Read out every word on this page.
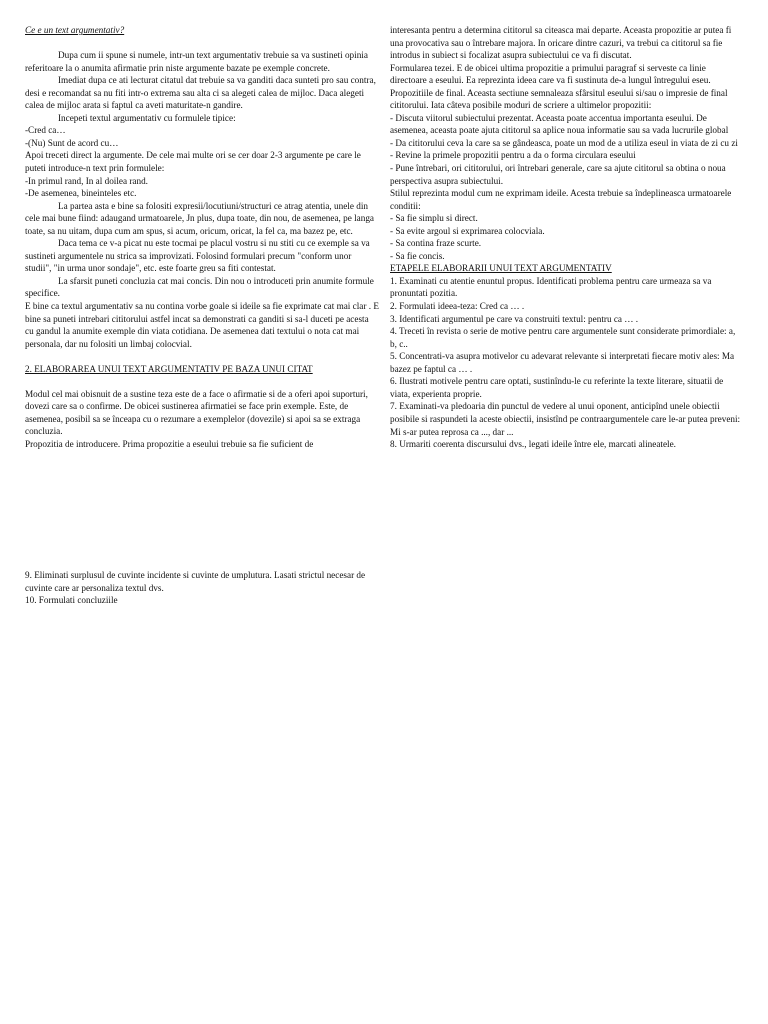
Ce e un text argumentativ?

Dupa cum ii spune si numele, intr-un text argumentativ trebuie sa va sustineti opinia referitoare la o anumita afirmatie prin niste argumente bazate pe exemple concrete.

Imediat dupa ce ati lecturat citatul dat trebuie sa va ganditi daca sunteti pro sau contra, desi e recomandat sa nu fiti intr-o extrema sau alta ci sa alegeti calea de mijloc. Daca alegeti calea de mijloc arata si faptul ca aveti maturitate-n gandire.

Incepeti textul argumentativ cu formulele tipice:

-Cred ca…

-(Nu) Sunt de acord cu…

Apoi treceti direct la argumente. De cele mai multe ori se cer doar 2-3 argumente pe care le puteti introduce-n text prin formulele:

-In primul rand, In al doilea rand.

-De asemenea, bineinteles etc.

La partea asta e bine sa folositi expresii/locutiuni/structuri ce atrag atentia, unele din cele mai bune fiind: adaugand urmatoarele, Jn plus, dupa toate, din nou, de asemenea, pe langa toate, sa nu uitam, dupa cum am spus, si acum, oricum, oricat, la fel ca, ma bazez pe, etc.

Daca tema ce v-a picat nu este tocmai pe placul vostru si nu stiti cu ce exemple sa va sustineti argumentele nu strica sa improvizati. Folosind formulari precum "conform unor studii", "in urma unor sondaje", etc. este foarte greu sa fiti contestat.

La sfarsit puneti concluzia cat mai concis. Din nou o introduceti prin anumite formule specifice.

E bine ca textul argumentativ sa nu contina vorbe goale si ideile sa fie exprimate cat mai clar . E bine sa puneti intrebari cititorului astfel incat sa demonstrati ca ganditi si sa-l duceti pe acesta cu gandul la anumite exemple din viata cotidiana. De asemenea dati textului o nota cat mai personala, dar nu folositi un limbaj colocvial.

2. ELABORAREA UNUI TEXT ARGUMENTATIV PE BAZA UNUI CITAT

Modul cel mai obisnuit de a sustine teza este de a face o afirmatie si de a oferi apoi suporturi, dovezi care sa o confirme. De obicei sustinerea afirmatiei se face prin exemple. Este, de asemenea, posibil sa se înceapa cu o rezumare a exemplelor (dovezile) si apoi sa se extraga concluzia.

Propozitia de introducere. Prima propozitie a eseului trebuie sa fie suficient de

interesanta pentru a determina cititorul sa citeasca mai departe. Aceasta propozitie ar putea fi una provocativa sau o întrebare majora. In oricare dintre cazuri, va trebui ca cititorul sa fie introdus in subiect si focalizat asupra subiectului ce va fi discutat.

Formularea tezei. E de obicei ultima propozitie a primului paragraf si serveste ca linie directoare a eseului. Ea reprezinta ideea care va fi sustinuta de-a lungul întregului eseu.

Propozitiile de final. Aceasta sectiune semnaleaza sfârsitul eseului si/sau o impresie de final cititorului. Iata câteva posibile moduri de scriere a ultimelor propozitii:

- Discuta viitorul subiectului prezentat. Aceasta poate accentua importanta eseului. De asemenea, aceasta poate ajuta cititorul sa aplice noua informatie sau sa vada lucrurile global

- Da cititorului ceva la care sa se gândeasca, poate un mod de a utiliza eseul in viata de zi cu zi

- Revine la primele propozitii pentru a da o forma circulara eseului

- Pune întrebari, ori cititorului, ori întrebari generale, care sa ajute cititorul sa obtina o noua perspectiva asupra subiectului.

Stilul reprezinta modul cum ne exprimam ideile. Acesta trebuie sa îndeplineasca urmatoarele conditii:

- Sa fie simplu si direct.

- Sa evite argoul si exprimarea colocviala.

- Sa contina fraze scurte.

- Sa fie concis.

ETAPELE ELABORARII UNUI TEXT ARGUMENTATIV

1. Examinati cu atentie enuntul propus. Identificati problema pentru care urmeaza sa va pronuntati pozitia.

2. Formulati ideea-teza: Cred ca … .

3. Identificati argumentul pe care va construiti textul: pentru ca … .

4. Treceti în revista o serie de motive pentru care argumentele sunt considerate primordiale: a, b, c..

5. Concentrati-va asupra motivelor cu adevarat relevante si interpretati fiecare motiv ales: Ma bazez pe faptul ca … .

6. Ilustrati motivele pentru care optati, sustinîndu-le cu referinte la texte literare, situatii de viata, experienta proprie.

7. Examinati-va pledoaria din punctul de vedere al unui oponent, anticipînd unele obiectii posibile si raspundeti la aceste obiectii, insistînd pe contraargumentele care le-ar putea preveni: Mi s-ar putea reprosa ca ..., dar ...

8. Urmariti coerenta discursului dvs., legati ideile între ele, marcati alineatele.

9. Eliminati surplusul de cuvinte incidente si cuvinte de umplutura. Lasati strictul necesar de cuvinte care ar personaliza textul dvs.

10. Formulati concluziile
